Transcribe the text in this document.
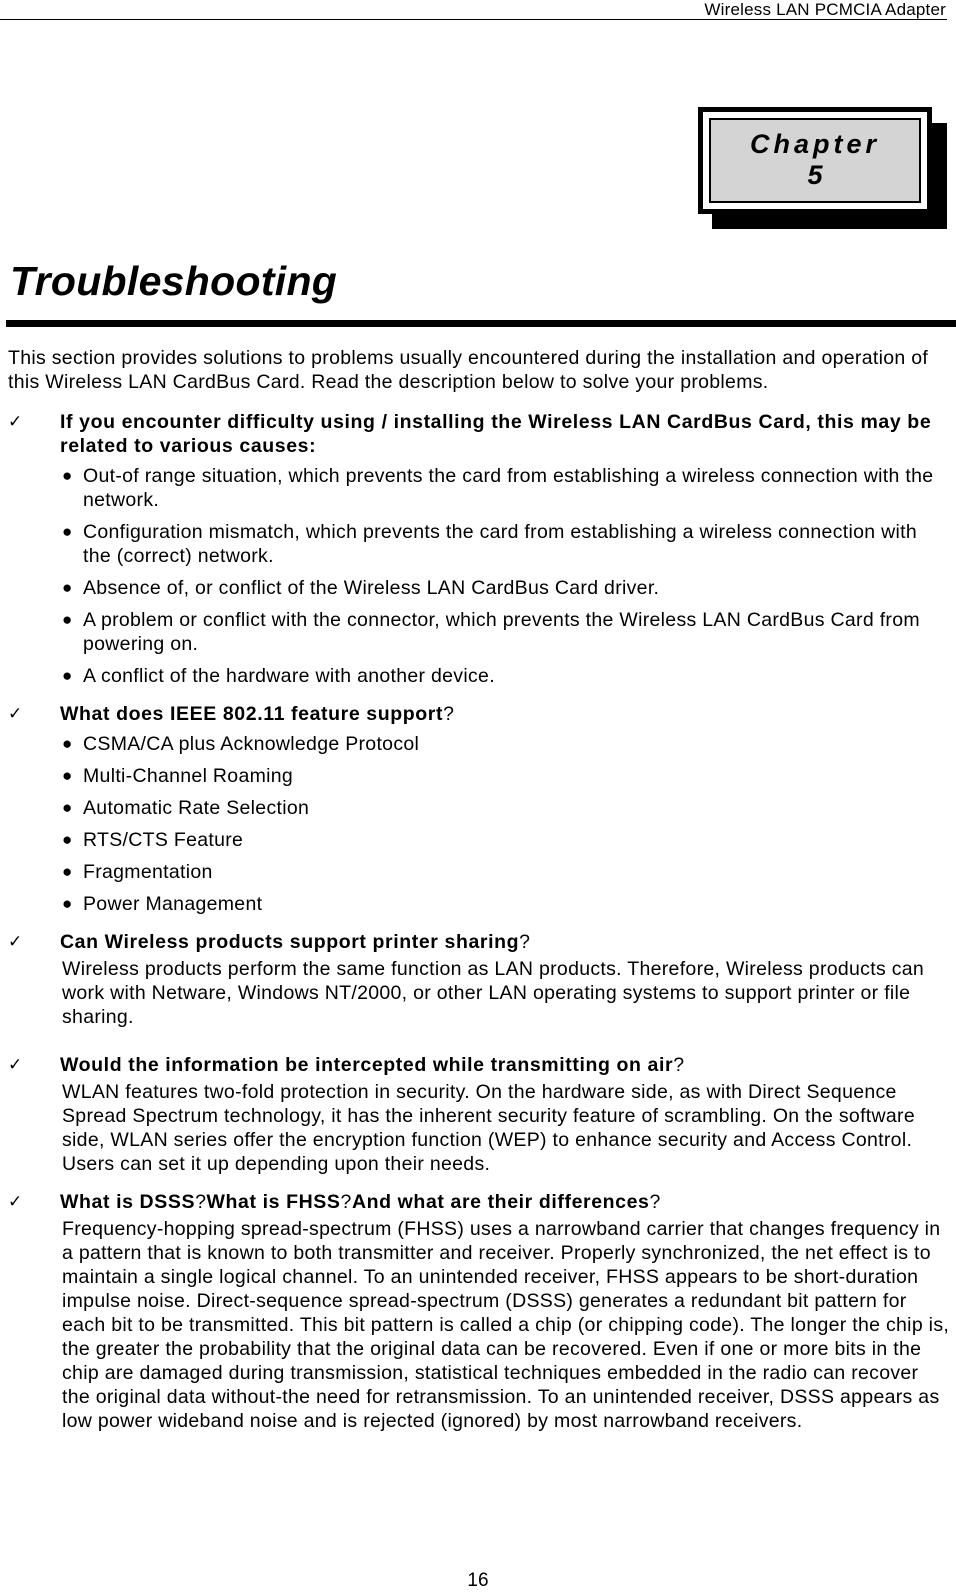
Wireless LAN PCMCIA Adapter
Chapter
5
Troubleshooting

This section provides solutions to problems usually encountered during the installation and operation of this Wireless LAN CardBus Card. Read the description below to solve your problems.

✓ If you encounter difficulty using / installing the Wireless LAN CardBus Card, this may be related to various causes:

● Out-of range situation, which prevents the card from establishing a wireless connection with the network.
● Configuration mismatch, which prevents the card from establishing a wireless connection with the (correct) network.
● Absence of, or conflict of the Wireless LAN CardBus Card driver.
● A problem or conflict with the connector, which prevents the Wireless LAN CardBus Card from powering on.
● A conflict of the hardware with another device.
✓ What does IEEE 802.11 feature support?

● CSMA/CA plus Acknowledge Protocol
● Multi-Channel Roaming
● Automatic Rate Selection
● RTS/CTS Feature
● Fragmentation
● Power Management
✓ Can Wireless products support printer sharing?

Wireless products perform the same function as LAN products. Therefore, Wireless products can work with Netware, Windows NT/2000, or other LAN operating systems to support printer or file sharing.

✓ Would the information be intercepted while transmitting on air?

WLAN features two-fold protection in security. On the hardware side, as with Direct Sequence Spread Spectrum technology, it has the inherent security feature of scrambling. On the software side, WLAN series offer the encryption function (WEP) to enhance security and Access Control. Users can set it up depending upon their needs.

✓ What is DSSS?What is FHSS?And what are their differences?

Frequency-hopping spread-spectrum (FHSS) uses a narrowband carrier that changes frequency in a pattern that is known to both transmitter and receiver. Properly synchronized, the net effect is to maintain a single logical channel. To an unintended receiver, FHSS appears to be short-duration impulse noise. Direct-sequence spread-spectrum (DSSS) generates a redundant bit pattern for each bit to be transmitted. This bit pattern is called a chip (or chipping code). The longer the chip is, the greater the probability that the original data can be recovered. Even if one or more bits in the chip are damaged during transmission, statistical techniques embedded in the radio can recover the original data without-the need for retransmission. To an unintended receiver, DSSS appears as low power wideband noise and is rejected (ignored) by most narrowband receivers.

16
